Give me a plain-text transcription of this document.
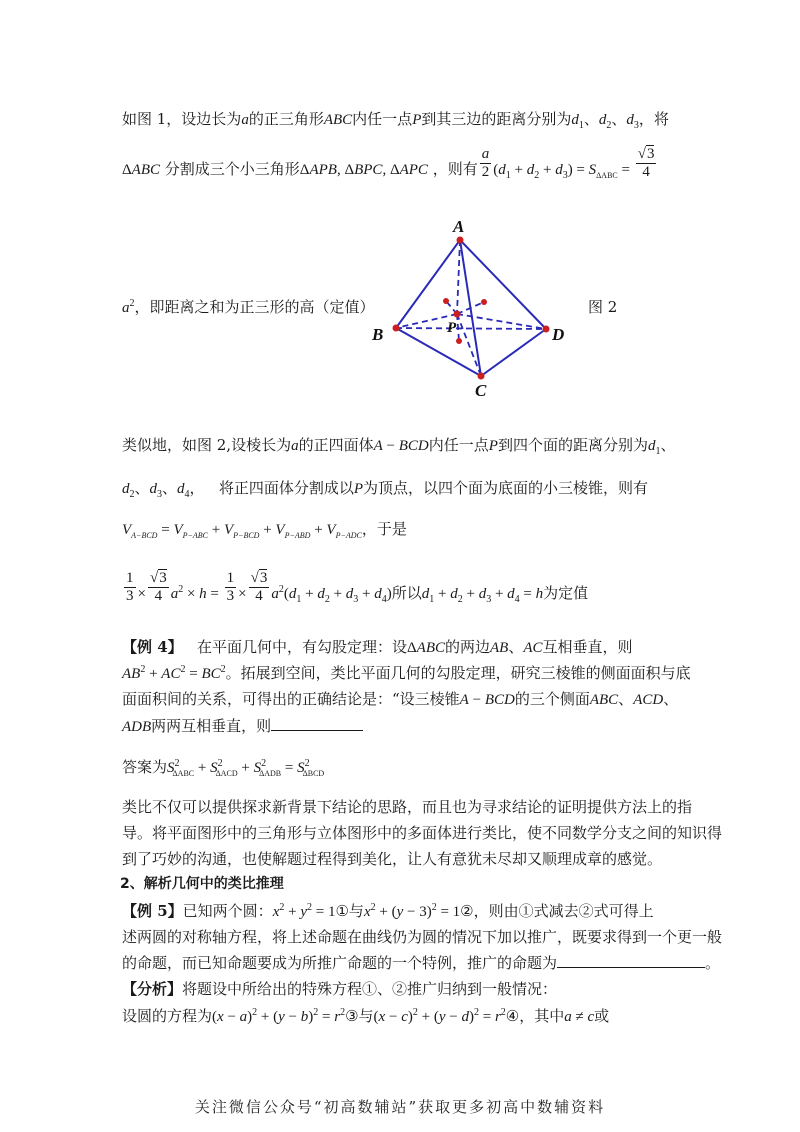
如图 1，设边长为a的正三角形ABC内任一点P到其三边的距离分别为$d_1$、$d_2$、$d_3$，将
ΔABC 分割成三个小三角形ΔAPB, ΔBPC, ΔAPC ，则有 $\frac{a}{2} (d_1 + d_2 + d_3) = S_{\Delta ABC} = \frac{√3}{4}$
$a^2$，即距离之和为正三形的高（定值）	图 2
A
B
C
D
P
类似地，如图 2,设棱长为a的正四面体A − BCD内任一点P到四个面的距离分别为$d_1$、
$d_2$、$d_3$、$d_4$， 将正四面体分割成以P为顶点，以四个面为底面的小三棱锥，则有
$V_{A-BCD} = V_{P-ABC} + V_{P-BCD} + V_{P-ABD} + V_{P-ADC}$，于是
$\frac{1}{3} \times \frac{√3}{4} a^2 \times h = \frac{1}{3} \times \frac{√3}{4} a^2(d_1 + d_2 + d_3 + d_4)$所以$d_1 + d_2 + d_3 + d_4 = h$为定值
【例 4】 在平面几何中，有勾股定理：设ΔABC的两边AB、AC互相垂直，则
$AB^2 + AC^2 = BC^2$。拓展到空间，类比平面几何的勾股定理，研究三棱锥的侧面面积与底
面面积间的关系，可得出的正确结论是：“设三棱锥A − BCD的三个侧面ABC、ACD、
ADB两两互相垂直，则
答案为$S^2_{\Delta ABC} + S^2_{\Delta ACD} + S^2_{\Delta ADB} = S^2_{\Delta BCD}$
类比不仅可以提供探求新背景下结论的思路，而且也为寻求结论的证明提供方法上的指
导。将平面图形中的三角形与立体图形中的多面体进行类比，使不同数学分支之间的知识得
到了巧妙的沟通，也使解题过程得到美化，让人有意犹未尽却又顺理成章的感觉。
2、解析几何中的类比推理
【例 5】已知两个圆：$x^2 + y^2$ = 1①与$x^2 + (y - 3)^2$ = 1②，则由①式减去②式可得上
述两圆的对称轴方程，将上述命题在曲线仍为圆的情况下加以推广，既要求得到一个更一般
的命题，而已知命题要成为所推广命题的一个特例，推广的命题为	。
【分析】将题设中所给出的特殊方程①、②推广归纳到一般情况：
设圆的方程为$(x - a)^2 + (y - b)^2$ = $r^2③$与$(x - c)^2 + (y - d)^2$ = $r^2④$，其中a ≠ c或
关注微信公众号“初高数辅站”获取更多初高中数辅资料
